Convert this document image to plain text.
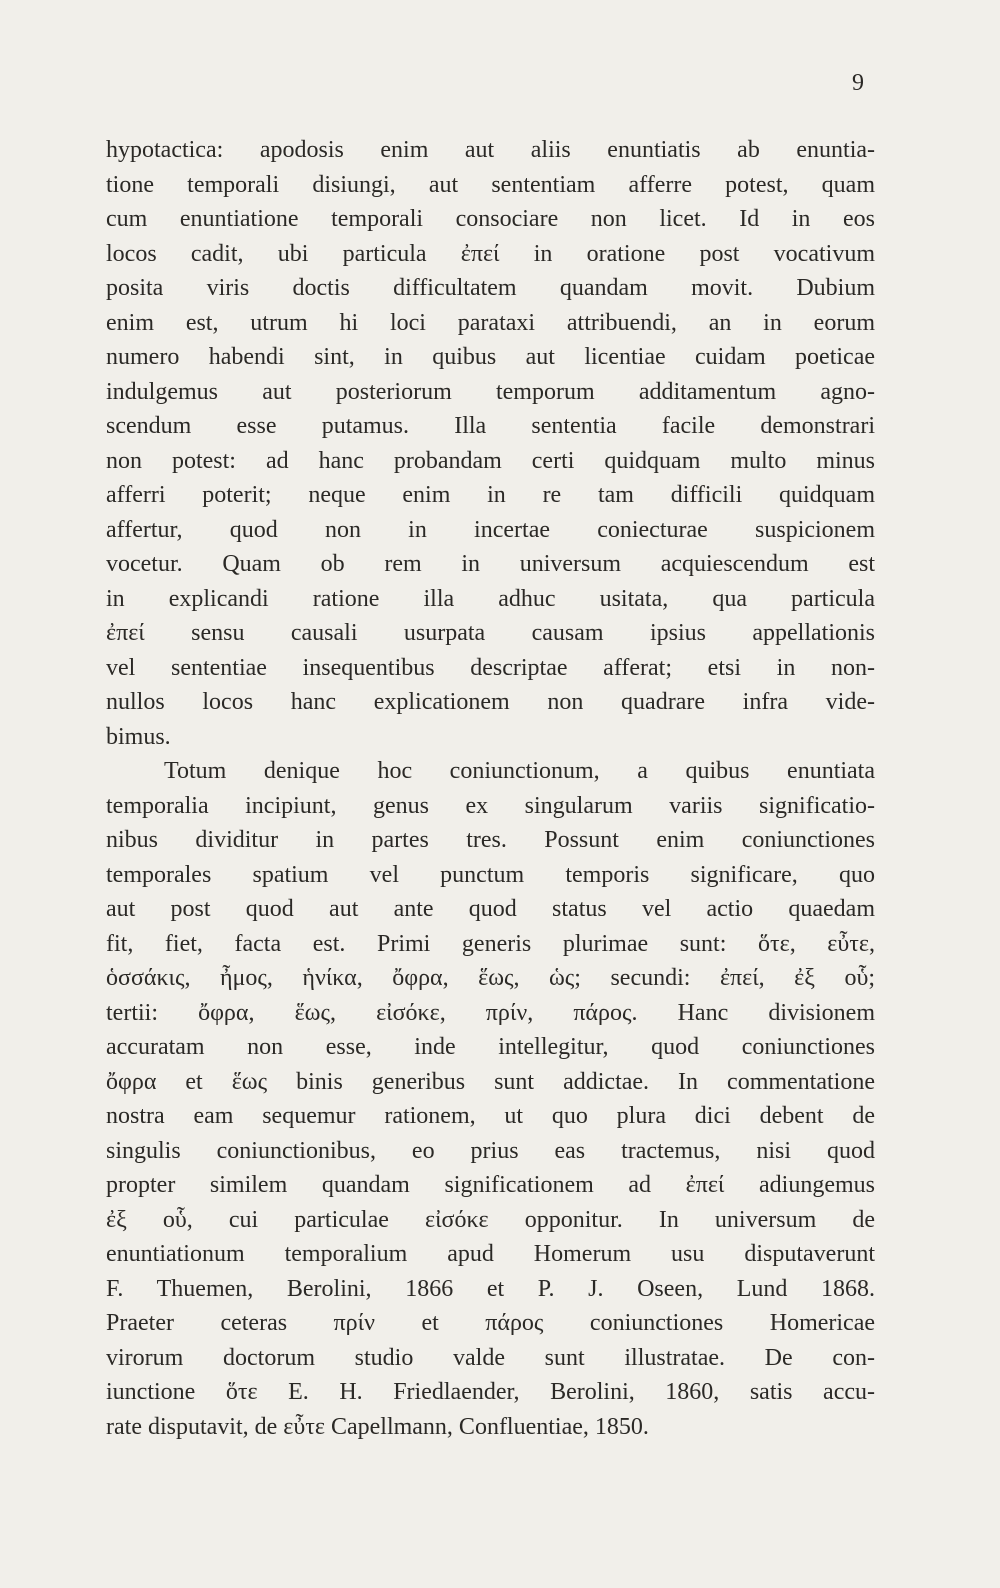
9
hypotactica: apodosis enim aut aliis enuntiatis ab enuntia-
tione temporali disiungi, aut sententiam afferre potest, quam
cum enuntiatione temporali consociare non licet. Id in eos
locos cadit, ubi particula ἐπεί in oratione post vocativum
posita viris doctis difficultatem quandam movit. Dubium
enim est, utrum hi loci parataxi attribuendi, an in eorum
numero habendi sint, in quibus aut licentiae cuidam poeticae
indulgemus aut posteriorum temporum additamentum agno-
scendum esse putamus. Illa sententia facile demonstrari
non potest: ad hanc probandam certi quidquam multo minus
afferri poterit; neque enim in re tam difficili quidquam
affertur, quod non in incertae coniecturae suspicionem
vocetur. Quam ob rem in universum acquiescendum est
in explicandi ratione illa adhuc usitata, qua particula
ἐπεί sensu causali usurpata causam ipsius appellationis
vel sententiae insequentibus descriptae afferat; etsi in non-
nullos locos hanc explicationem non quadrare infra vide-
bimus.
Totum denique hoc coniunctionum, a quibus enuntiata
temporalia incipiunt, genus ex singularum variis significatio-
nibus dividitur in partes tres. Possunt enim coniunctiones
temporales spatium vel punctum temporis significare, quo
aut post quod aut ante quod status vel actio quaedam
fit, fiet, facta est. Primi generis plurimae sunt: ὅτε, εὖτε,
ὁσσάκις, ἦμος, ἡνίκα, ὄφρα, ἕως, ὡς; secundi: ἐπεί, ἐξ οὗ;
tertii: ὄφρα, ἕως, εἰσόκε, πρίν, πάρος. Hanc divisionem
accuratam non esse, inde intellegitur, quod coniunctiones
ὄφρα et ἕως binis generibus sunt addictae. In commentatione
nostra eam sequemur rationem, ut quo plura dici debent de
singulis coniunctionibus, eo prius eas tractemus, nisi quod
propter similem quandam significationem ad ἐπεί adiungemus
ἐξ οὗ, cui particulae εἰσόκε opponitur. In universum de
enuntiationum temporalium apud Homerum usu disputaverunt
F. Thuemen, Berolini, 1866 et P. J. Oseen, Lund 1868.
Praeter ceteras πρίν et πάρος coniunctiones Homericae
virorum doctorum studio valde sunt illustratae. De con-
iunctione ὅτε E. H. Friedlaender, Berolini, 1860, satis accu-
rate disputavit, de εὖτε Capellmann, Confluentiae, 1850.
